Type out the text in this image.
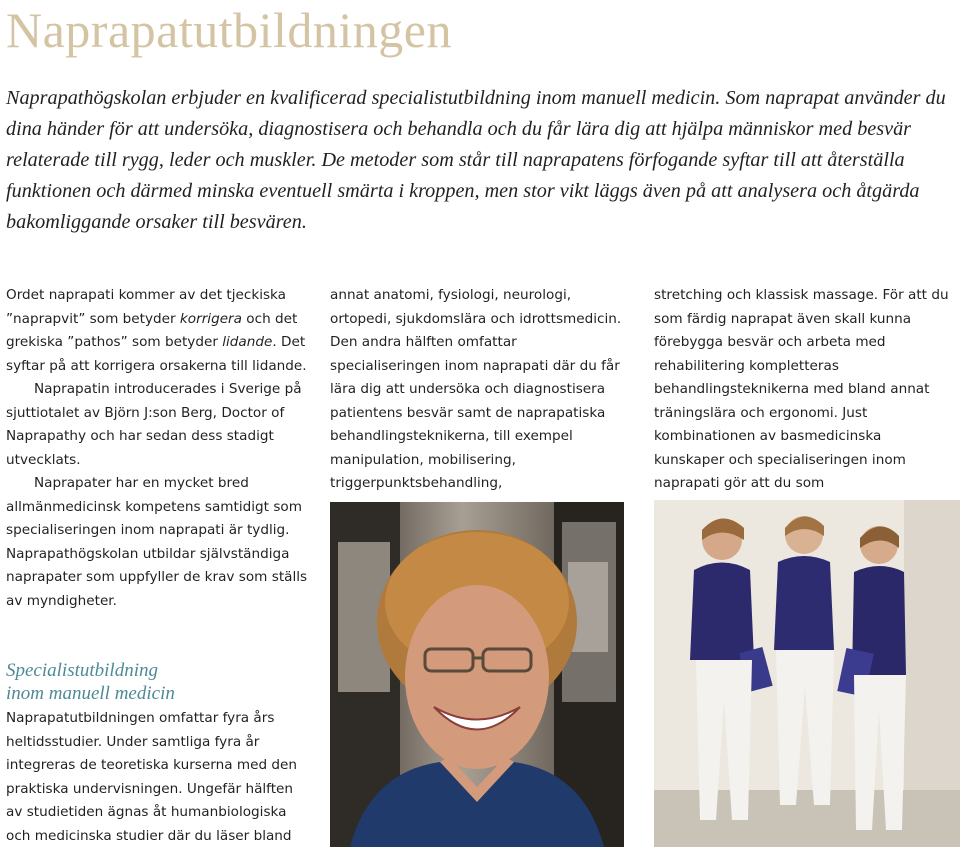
Naprapatutbildningen

Naprapathögskolan erbjuder en kvalificerad specialistutbildning inom manuell medicin. Som naprapat använder du dina händer för att undersöka, diagnostisera och behandla och du får lära dig att hjälpa människor med besvär relaterade till rygg, leder och muskler. De metoder som står till naprapatens förfogande syftar till att återställa funktionen och därmed minska eventuell smärta i kroppen, men stor vikt läggs även på att analysera och åtgärda bakomliggande orsaker till besvären.

Ordet naprapati kommer av det tjeckiska ”naprapvit” som betyder korrigera och det grekiska ”pathos” som betyder lidande. Det syftar på att korrigera orsakerna till lidande.

Naprapatin introducerades i Sverige på sjuttiotalet av Björn J:son Berg, Doctor of Naprapathy och har sedan dess stadigt utvecklats.

Naprapater har en mycket bred allmänmedicinsk kompetens samtidigt som specialiseringen inom naprapati är tydlig. Naprapathögskolan utbildar självständiga naprapater som uppfyller de krav som ställs av myndigheter.

Specialistutbildning
inom manuell medicin

Naprapatutbildningen omfattar fyra års heltidsstudier. Under samtliga fyra år integreras de teoretiska kurserna med den praktiska undervisningen. Ungefär hälften av studietiden ägnas åt humanbiologiska och medicinska studier där du läser bland

annat anatomi, fysiologi, neurologi, ortopedi, sjukdomslära och idrottsmedicin. Den andra hälften omfattar specialiseringen inom naprapati där du får lära dig att undersöka och diagnostisera patientens besvär samt de naprapatiska behandlingsteknikerna, till exempel manipulation, mobilisering, triggerpunktsbehandling,

stretching och klassisk massage. För att du som färdig naprapat även skall kunna förebygga besvär och arbeta med rehabilitering kompletteras behandlingsteknikerna med bland annat träningslära och ergonomi. Just kombinationen av basmedicinska kunskaper och specialiseringen inom naprapati gör att du som
